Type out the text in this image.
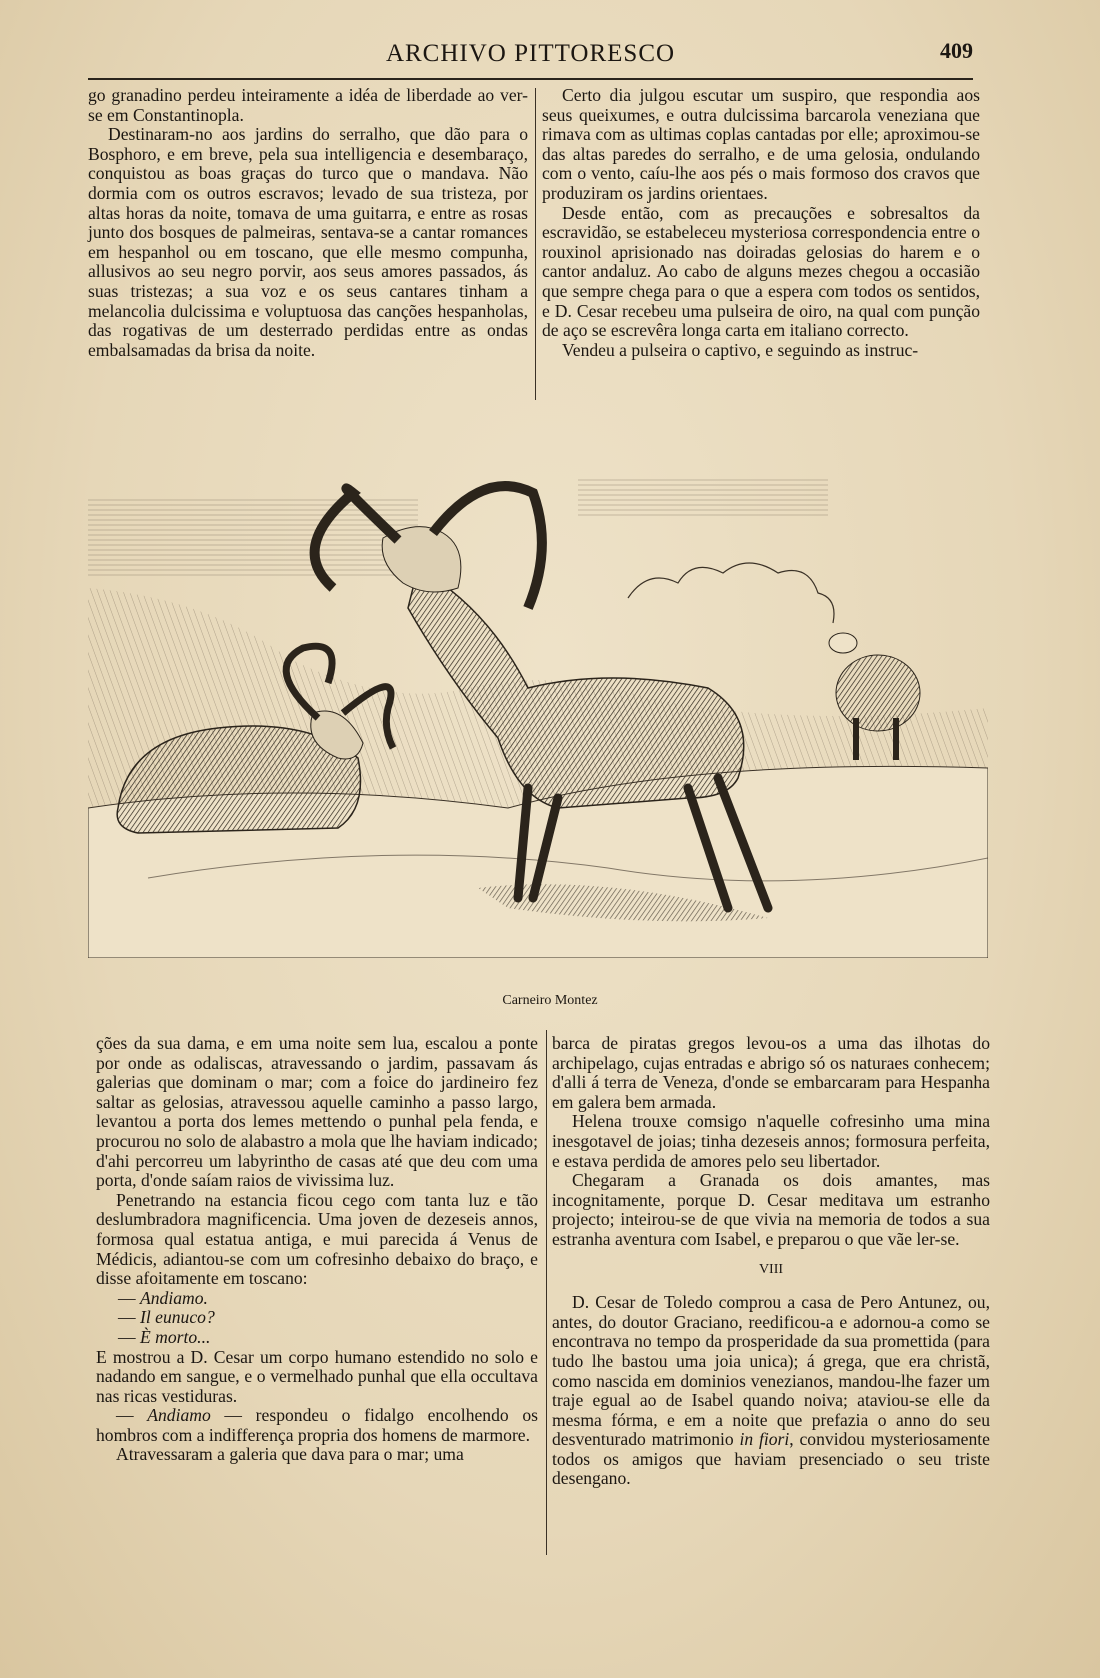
ARCHIVO PITTORESCO	409

go granadino perdeu inteiramente a idéa de liberdade ao ver-se em Constantinopla.

Destinaram-no aos jardins do serralho, que dão para o Bosphoro, e em breve, pela sua intelligencia e desembaraço, conquistou as boas graças do turco que o mandava. Não dormia com os outros escravos; levado de sua tristeza, por altas horas da noite, tomava de uma guitarra, e entre as rosas junto dos bosques de palmeiras, sentava-se a cantar romances em hespanhol ou em toscano, que elle mesmo compunha, allusivos ao seu negro porvir, aos seus amores passados, ás suas tristezas; a sua voz e os seus cantares tinham a melancolia dulcissima e voluptuosa das canções hespanholas, das rogativas de um desterrado perdidas entre as ondas embalsamadas da brisa da noite.

Certo dia julgou escutar um suspiro, que respondia aos seus queixumes, e outra dulcissima barcarola veneziana que rimava com as ultimas coplas cantadas por elle; aproximou-se das altas paredes do serralho, e de uma gelosia, ondulando com o vento, caíu-lhe aos pés o mais formoso dos cravos que produziram os jardins orientaes.

Desde então, com as precauções e sobresaltos da escravidão, se estabeleceu mysteriosa correspondencia entre o rouxinol aprisionado nas doiradas gelosias do harem e o cantor andaluz. Ao cabo de alguns mezes chegou a occasião que sempre chega para o que a espera com todos os sentidos, e D. Cesar recebeu uma pulseira de oiro, na qual com punção de aço se escrevêra longa carta em italiano correcto.

Vendeu a pulseira o captivo, e seguindo as instruc-

Carneiro Montez

ções da sua dama, e em uma noite sem lua, escalou a ponte por onde as odaliscas, atravessando o jardim, passavam ás galerias que dominam o mar; com a foice do jardineiro fez saltar as gelosias, atravessou aquelle caminho a passo largo, levantou a porta dos lemes mettendo o punhal pela fenda, e procurou no solo de alabastro a mola que lhe haviam indicado; d'ahi percorreu um labyrintho de casas até que deu com uma porta, d'onde saíam raios de vivissima luz.

Penetrando na estancia ficou cego com tanta luz e tão deslumbradora magnificencia. Uma joven de dezeseis annos, formosa qual estatua antiga, e mui parecida á Venus de Médicis, adiantou-se com um cofresinho debaixo do braço, e disse afoitamente em toscano:

— Andiamo.

— Il eunuco?

— È morto...

E mostrou a D. Cesar um corpo humano estendido no solo e nadando em sangue, e o vermelhado punhal que ella occultava nas ricas vestiduras.

— Andiamo — respondeu o fidalgo encolhendo os hombros com a indifferença propria dos homens de marmore.

Atravessaram a galeria que dava para o mar; uma

barca de piratas gregos levou-os a uma das ilhotas do archipelago, cujas entradas e abrigo só os naturaes conhecem; d'alli á terra de Veneza, d'onde se embarcaram para Hespanha em galera bem armada.

Helena trouxe comsigo n'aquelle cofresinho uma mina inesgotavel de joias; tinha dezeseis annos; formosura perfeita, e estava perdida de amores pelo seu libertador.

Chegaram a Granada os dois amantes, mas incognitamente, porque D. Cesar meditava um estranho projecto; inteirou-se de que vivia na memoria de todos a sua estranha aventura com Isabel, e preparou o que vãe ler-se.

VIII

D. Cesar de Toledo comprou a casa de Pero Antunez, ou, antes, do doutor Graciano, reedificou-a e adornou-a como se encontrava no tempo da prosperidade da sua promettida (para tudo lhe bastou uma joia unica); á grega, que era christã, como nascida em dominios venezianos, mandou-lhe fazer um traje egual ao de Isabel quando noiva; ataviou-se elle da mesma fórma, e em a noite que prefazia o anno do seu desventurado matrimonio in fiori, convidou mysteriosamente todos os amigos que haviam presenciado o seu triste desengano.
